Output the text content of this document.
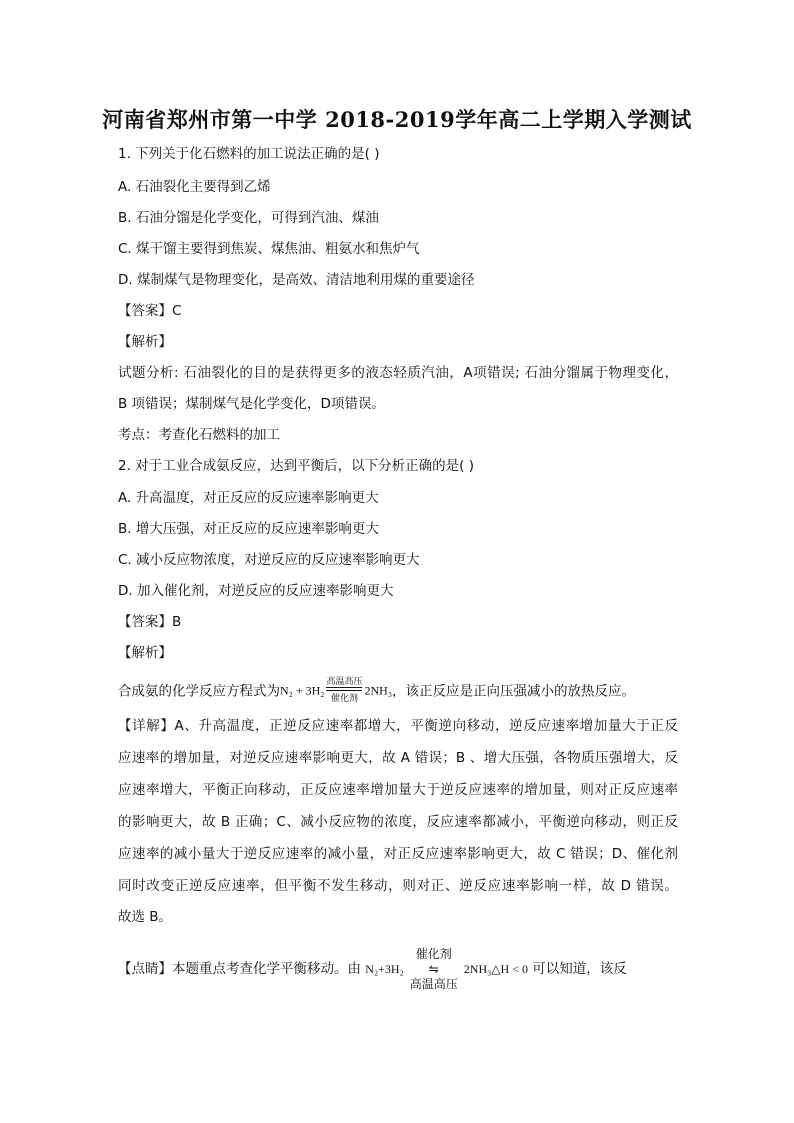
河南省郑州市第一中学 2018-2019学年高二上学期入学测试
1. 下列关于化石燃料的加工说法正确的是( )
A. 石油裂化主要得到乙烯
B. 石油分馏是化学变化，可得到汽油、煤油
C. 煤干馏主要得到焦炭、煤焦油、粗氨水和焦炉气
D. 煤制煤气是物理变化，是高效、清洁地利用煤的重要途径
【答案】C
【解析】
试题分析: 石油裂化的目的是获得更多的液态轻质汽油，A项错误; 石油分馏属于物理变化，
B 项错误；煤制煤气是化学变化，D项错误。
考点：考查化石燃料的加工
2. 对于工业合成氨反应，达到平衡后，以下分析正确的是( )
A. 升高温度，对正反应的反应速率影响更大
B. 增大压强，对正反应的反应速率影响更大
C. 减小反应物浓度，对逆反应的反应速率影响更大
D. 加入催化剂，对逆反应的反应速率影响更大
【答案】B
【解析】
合成氨的化学反应方程式为N₂ + 3H₂
高温高压
催化剂
2NH₃，该正反应是正向压强减小的放热反应。
【详解】A、升高温度，正逆反应速率都增大，平衡逆向移动，逆反应速率增加量大于正反
应速率的增加量，对逆反应速率影响更大，故 A 错误；B 、增大压强，各物质压强增大，反
应速率增大，平衡正向移动，正反应速率增加量大于逆反应速率的增加量，则对正反应速率
的影响更大，故 B 正确；C、减小反应物的浓度，反应速率都减小，平衡逆向移动，则正反
应速率的减小量大于逆反应速率的减小量，对正反应速率影响更大，故 C 错误；D、催化剂
同时改变正逆反应速率，但平衡不发生移动，则对正、逆反应速率影响一样，故 D 错误。
故选 B。
【点睛】本题重点考查化学平衡移动。由 N₂+3H₂
催化剂
⇋
高温高压
2NH₃△H < 0 可以知道，该反
